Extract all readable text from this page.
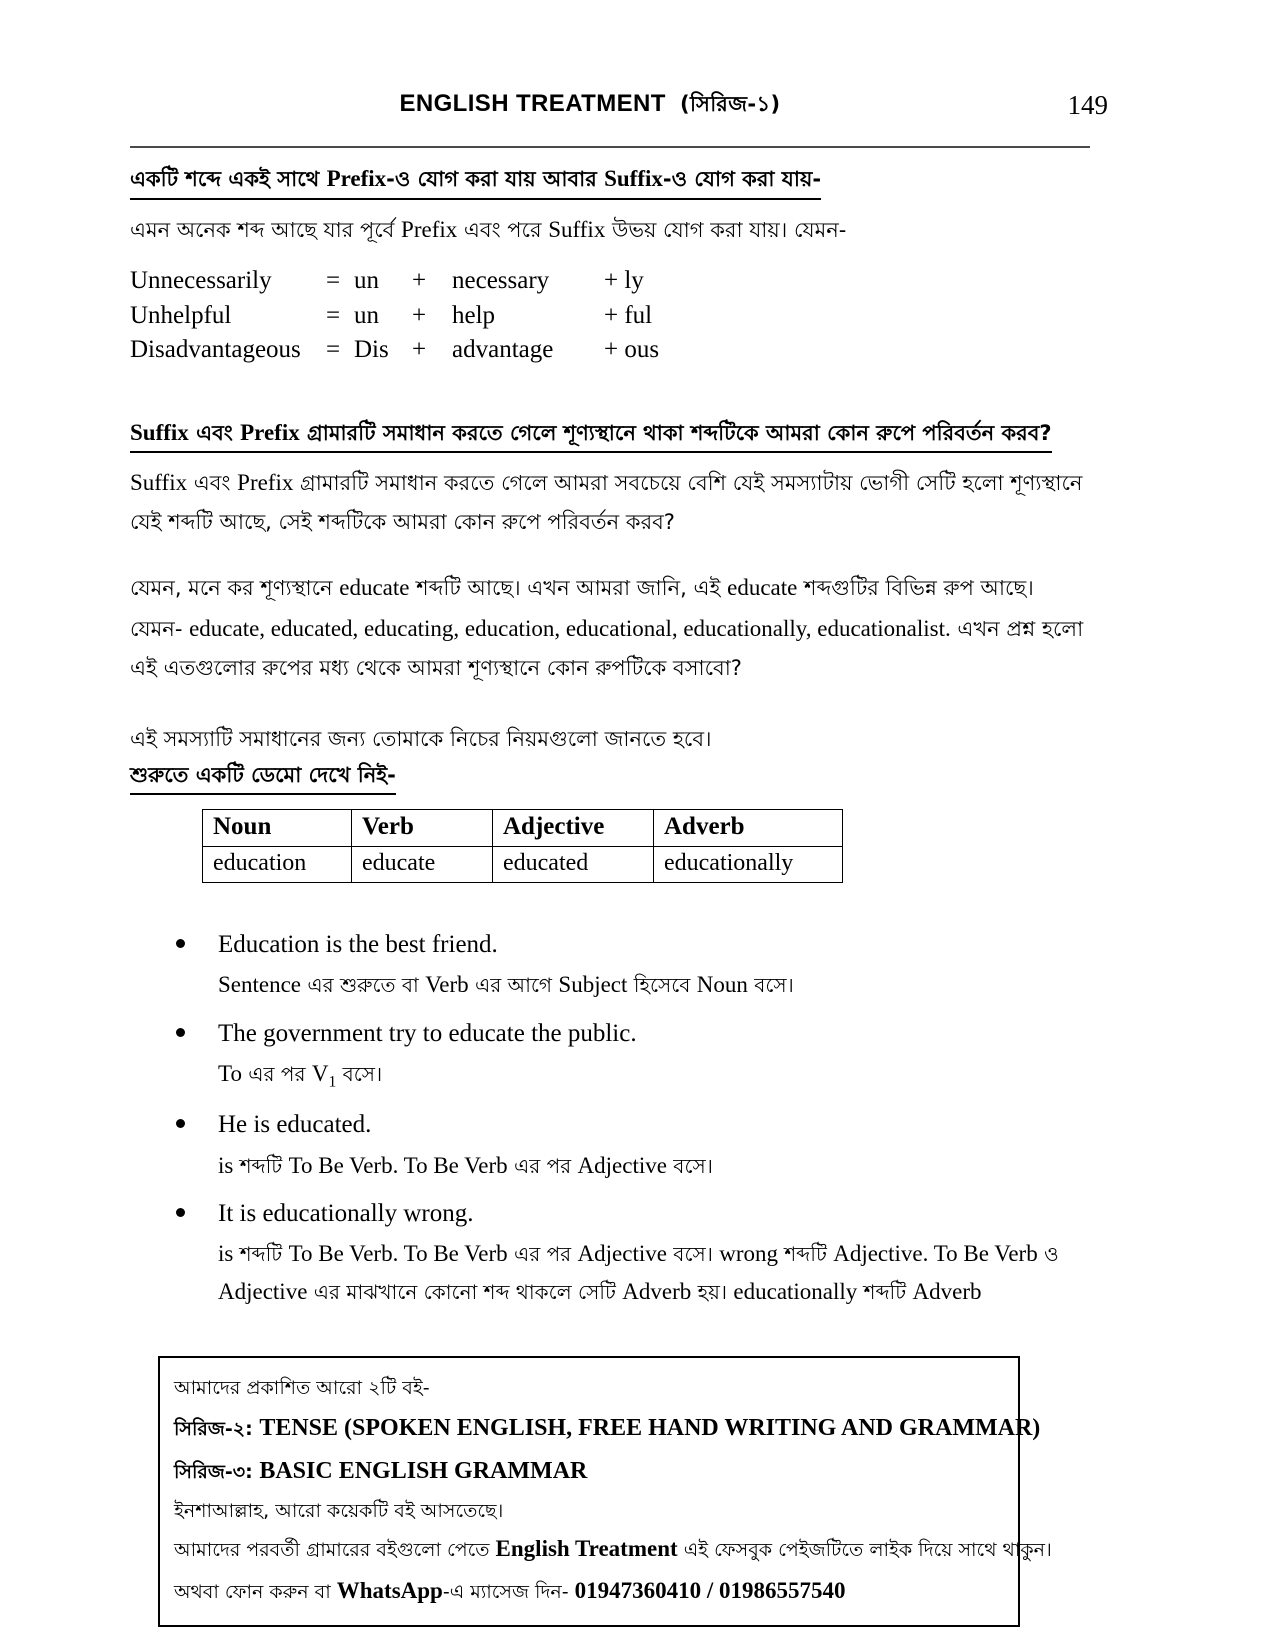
ENGLISH TREATMENT (সিরিজ-১)	149
একটি শব্দে একই সাথে Prefix-ও যোগ করা যায় আবার Suffix-ও যোগ করা যায়-
এমন অনেক শব্দ আছে যার পূর্বে Prefix এবং পরে Suffix উভয় যোগ করা যায়। যেমন-
Unnecessarily	= un	+	necessary	+ ly
Unhelpful	= un	+	help	+ ful
Disadvantageous	= Dis +	advantage	+ ous
Suffix এবং Prefix গ্রামারটি সমাধান করতে গেলে শূণ্যস্থানে থাকা শব্দটিকে আমরা কোন রুপে পরিবর্তন করব?
Suffix এবং Prefix গ্রামারটি সমাধান করতে গেলে আমরা সবচেয়ে বেশি যেই সমস্যাটায় ভোগী সেটি হলো শূণ্যস্থানে যেই শব্দটি আছে, সেই শব্দটিকে আমরা কোন রুপে পরিবর্তন করব?
যেমন, মনে কর শূণ্যস্থানে educate শব্দটি আছে। এখন আমরা জানি, এই educate শব্দগুটির বিভিন্ন রুপ আছে। যেমন- educate, educated, educating, education, educational, educationally, educationalist. এখন প্রশ্ন হলো এই এতগুলোর রুপের মধ্য থেকে আমরা শূণ্যস্থানে কোন রুপটিকে বসাবো?
এই সমস্যাটি সমাধানের জন্য তোমাকে নিচের নিয়মগুলো জানতে হবে।
শুরুতে একটি ডেমো দেখে নিই-
Noun	Verb	Adjective	Adverb
education	educate	educated	educationally
Education is the best friend.
Sentence এর শুরুতে বা Verb এর আগে Subject হিসেবে Noun বসে।
The government try to educate the public.
To এর পর $V_1$ বসে।
He is educated.
is শব্দটি To Be Verb. To Be Verb এর পর Adjective বসে।
It is educationally wrong.
is শব্দটি To Be Verb. To Be Verb এর পর Adjective বসে। wrong শব্দটি Adjective. To Be Verb ও Adjective এর মাঝখানে কোনো শব্দ থাকলে সেটি Adverb হয়। educationally শব্দটি Adverb
আমাদের প্রকাশিত আরো ২টি বই-
সিরিজ-২: TENSE (SPOKEN ENGLISH, FREE HAND WRITING AND GRAMMAR)
সিরিজ-৩: BASIC ENGLISH GRAMMAR
ইনশাআল্লাহ, আরো কয়েকটি বই আসতেছে।
আমাদের পরবর্তী গ্রামারের বইগুলো পেতে English Treatment এই ফেসবুক পেইজটিতে লাইক দিয়ে সাথে থাকুন।
অথবা ফোন করুন বা WhatsApp-এ ম্যাসেজ দিন- 01947360410 / 01986557540
